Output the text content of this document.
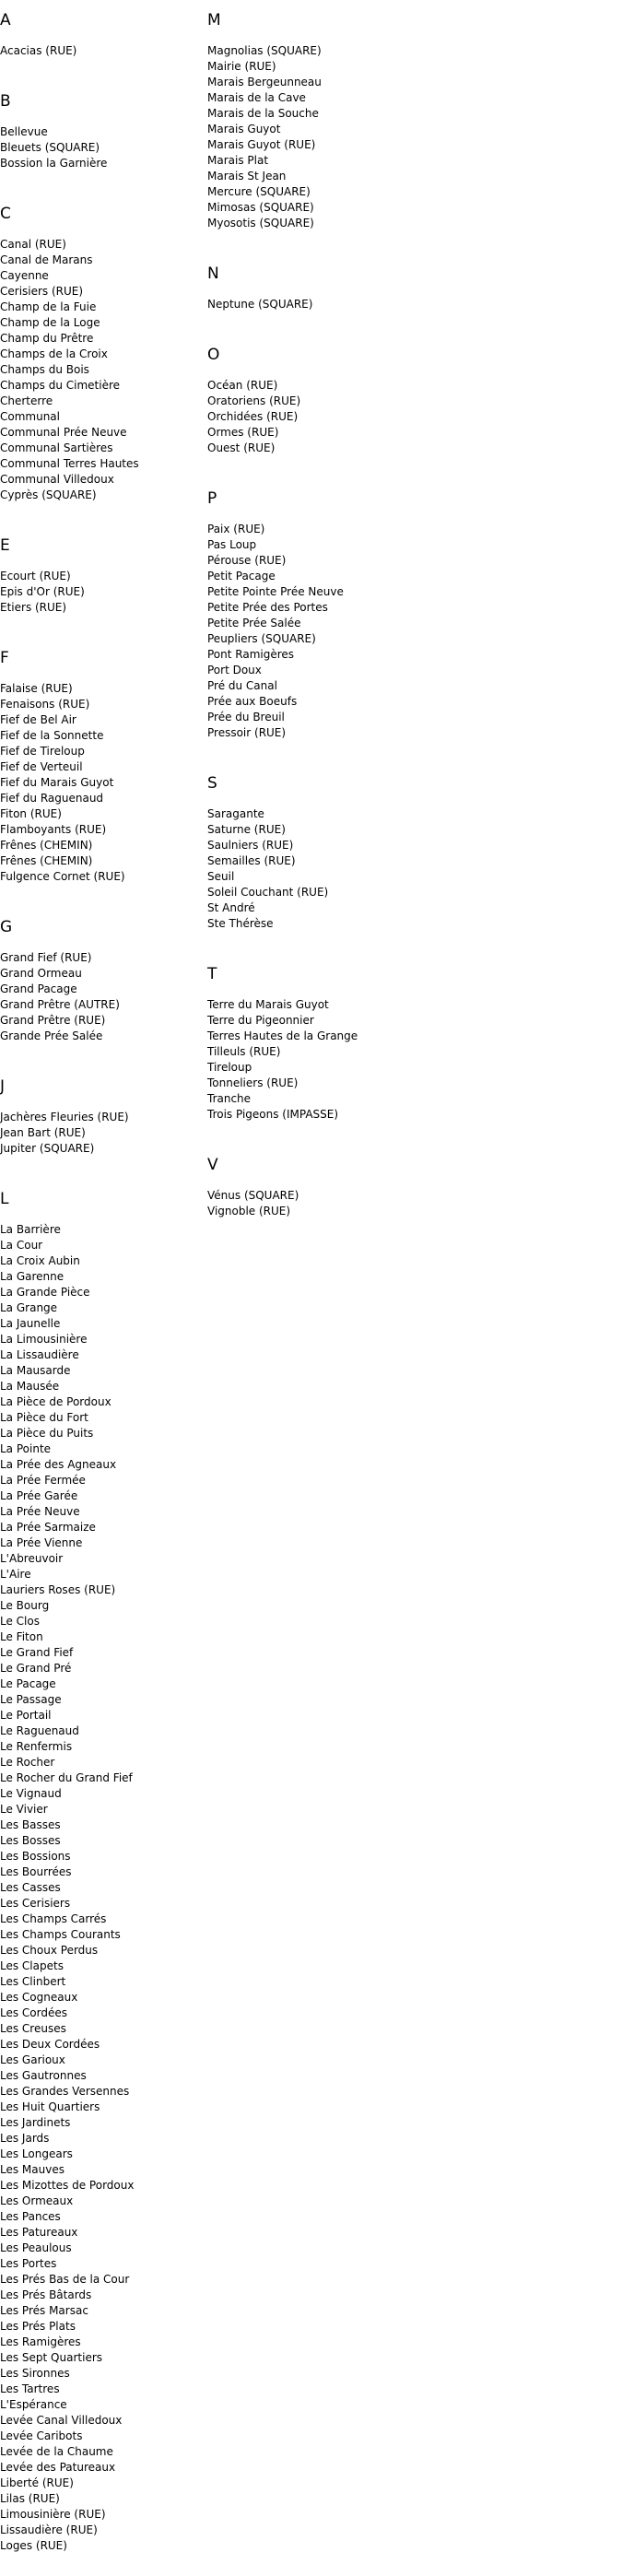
A
Acacias (RUE)
B
Bellevue
Bleuets (SQUARE)
Bossion la Garnière
C
Canal (RUE)
Canal de Marans
Cayenne
Cerisiers (RUE)
Champ de la Fuie
Champ de la Loge
Champ du Prêtre
Champs de la Croix
Champs du Bois
Champs du Cimetière
Cherterre
Communal
Communal Prée Neuve
Communal Sartières
Communal Terres Hautes
Communal Villedoux
Cyprès (SQUARE)
E
Ecourt (RUE)
Epis d'Or (RUE)
Etiers (RUE)
F
Falaise (RUE)
Fenaisons (RUE)
Fief de Bel Air
Fief de la Sonnette
Fief de Tireloup
Fief de Verteuil
Fief du Marais Guyot
Fief du Raguenaud
Fiton (RUE)
Flamboyants (RUE)
Frênes (CHEMIN)
Frênes (CHEMIN)
Fulgence Cornet (RUE)
G
Grand Fief (RUE)
Grand Ormeau
Grand Pacage
Grand Prêtre (AUTRE)
Grand Prêtre (RUE)
Grande Prée Salée
J
Jachères Fleuries (RUE)
Jean Bart (RUE)
Jupiter (SQUARE)
L
La Barrière
La Cour
La Croix Aubin
La Garenne
La Grande Pièce
La Grange
La Jaunelle
La Limousinière
La Lissaudière
La Mausarde
La Mausée
La Pièce de Pordoux
La Pièce du Fort
La Pièce du Puits
La Pointe
La Prée des Agneaux
La Prée Fermée
La Prée Garée
La Prée Neuve
La Prée Sarmaize
La Prée Vienne
L'Abreuvoir
L'Aire
Lauriers Roses (RUE)
Le Bourg
Le Clos
Le Fiton
Le Grand Fief
Le Grand Pré
Le Pacage
Le Passage
Le Portail
Le Raguenaud
Le Renfermis
Le Rocher
Le Rocher du Grand Fief
Le Vignaud
Le Vivier
Les Basses
Les Bosses
Les Bossions
Les Bourrées
Les Casses
Les Cerisiers
Les Champs Carrés
Les Champs Courants
Les Choux Perdus
Les Clapets
Les Clinbert
Les Cogneaux
Les Cordées
Les Creuses
Les Deux Cordées
Les Garioux
Les Gautronnes
Les Grandes Versennes
Les Huit Quartiers
Les Jardinets
Les Jards
Les Longears
Les Mauves
Les Mizottes de Pordoux
Les Ormeaux
Les Pances
Les Patureaux
Les Peaulous
Les Portes
Les Prés Bas de la Cour
Les Prés Bâtards
Les Prés Marsac
Les Prés Plats
Les Ramigères
Les Sept Quartiers
Les Sironnes
Les Tartres
L'Espérance
Levée Canal Villedoux
Levée Caribots
Levée de la Chaume
Levée des Patureaux
Liberté (RUE)
Lilas (RUE)
Limousinière (RUE)
Lissaudière (RUE)
Loges (RUE)
M
Magnolias (SQUARE)
Mairie (RUE)
Marais Bergeunneau
Marais de la Cave
Marais de la Souche
Marais Guyot
Marais Guyot (RUE)
Marais Plat
Marais St Jean
Mercure (SQUARE)
Mimosas (SQUARE)
Myosotis (SQUARE)
N
Neptune (SQUARE)
O
Océan (RUE)
Oratoriens (RUE)
Orchidées (RUE)
Ormes (RUE)
Ouest (RUE)
P
Paix (RUE)
Pas Loup
Pérouse (RUE)
Petit Pacage
Petite Pointe Prée Neuve
Petite Prée des Portes
Petite Prée Salée
Peupliers (SQUARE)
Pont Ramigères
Port Doux
Pré du Canal
Prée aux Boeufs
Prée du Breuil
Pressoir (RUE)
S
Saragante
Saturne (RUE)
Saulniers (RUE)
Semailles (RUE)
Seuil
Soleil Couchant (RUE)
St André
Ste Thérèse
T
Terre du Marais Guyot
Terre du Pigeonnier
Terres Hautes de la Grange
Tilleuls (RUE)
Tireloup
Tonneliers (RUE)
Tranche
Trois Pigeons (IMPASSE)
V
Vénus (SQUARE)
Vignoble (RUE)
